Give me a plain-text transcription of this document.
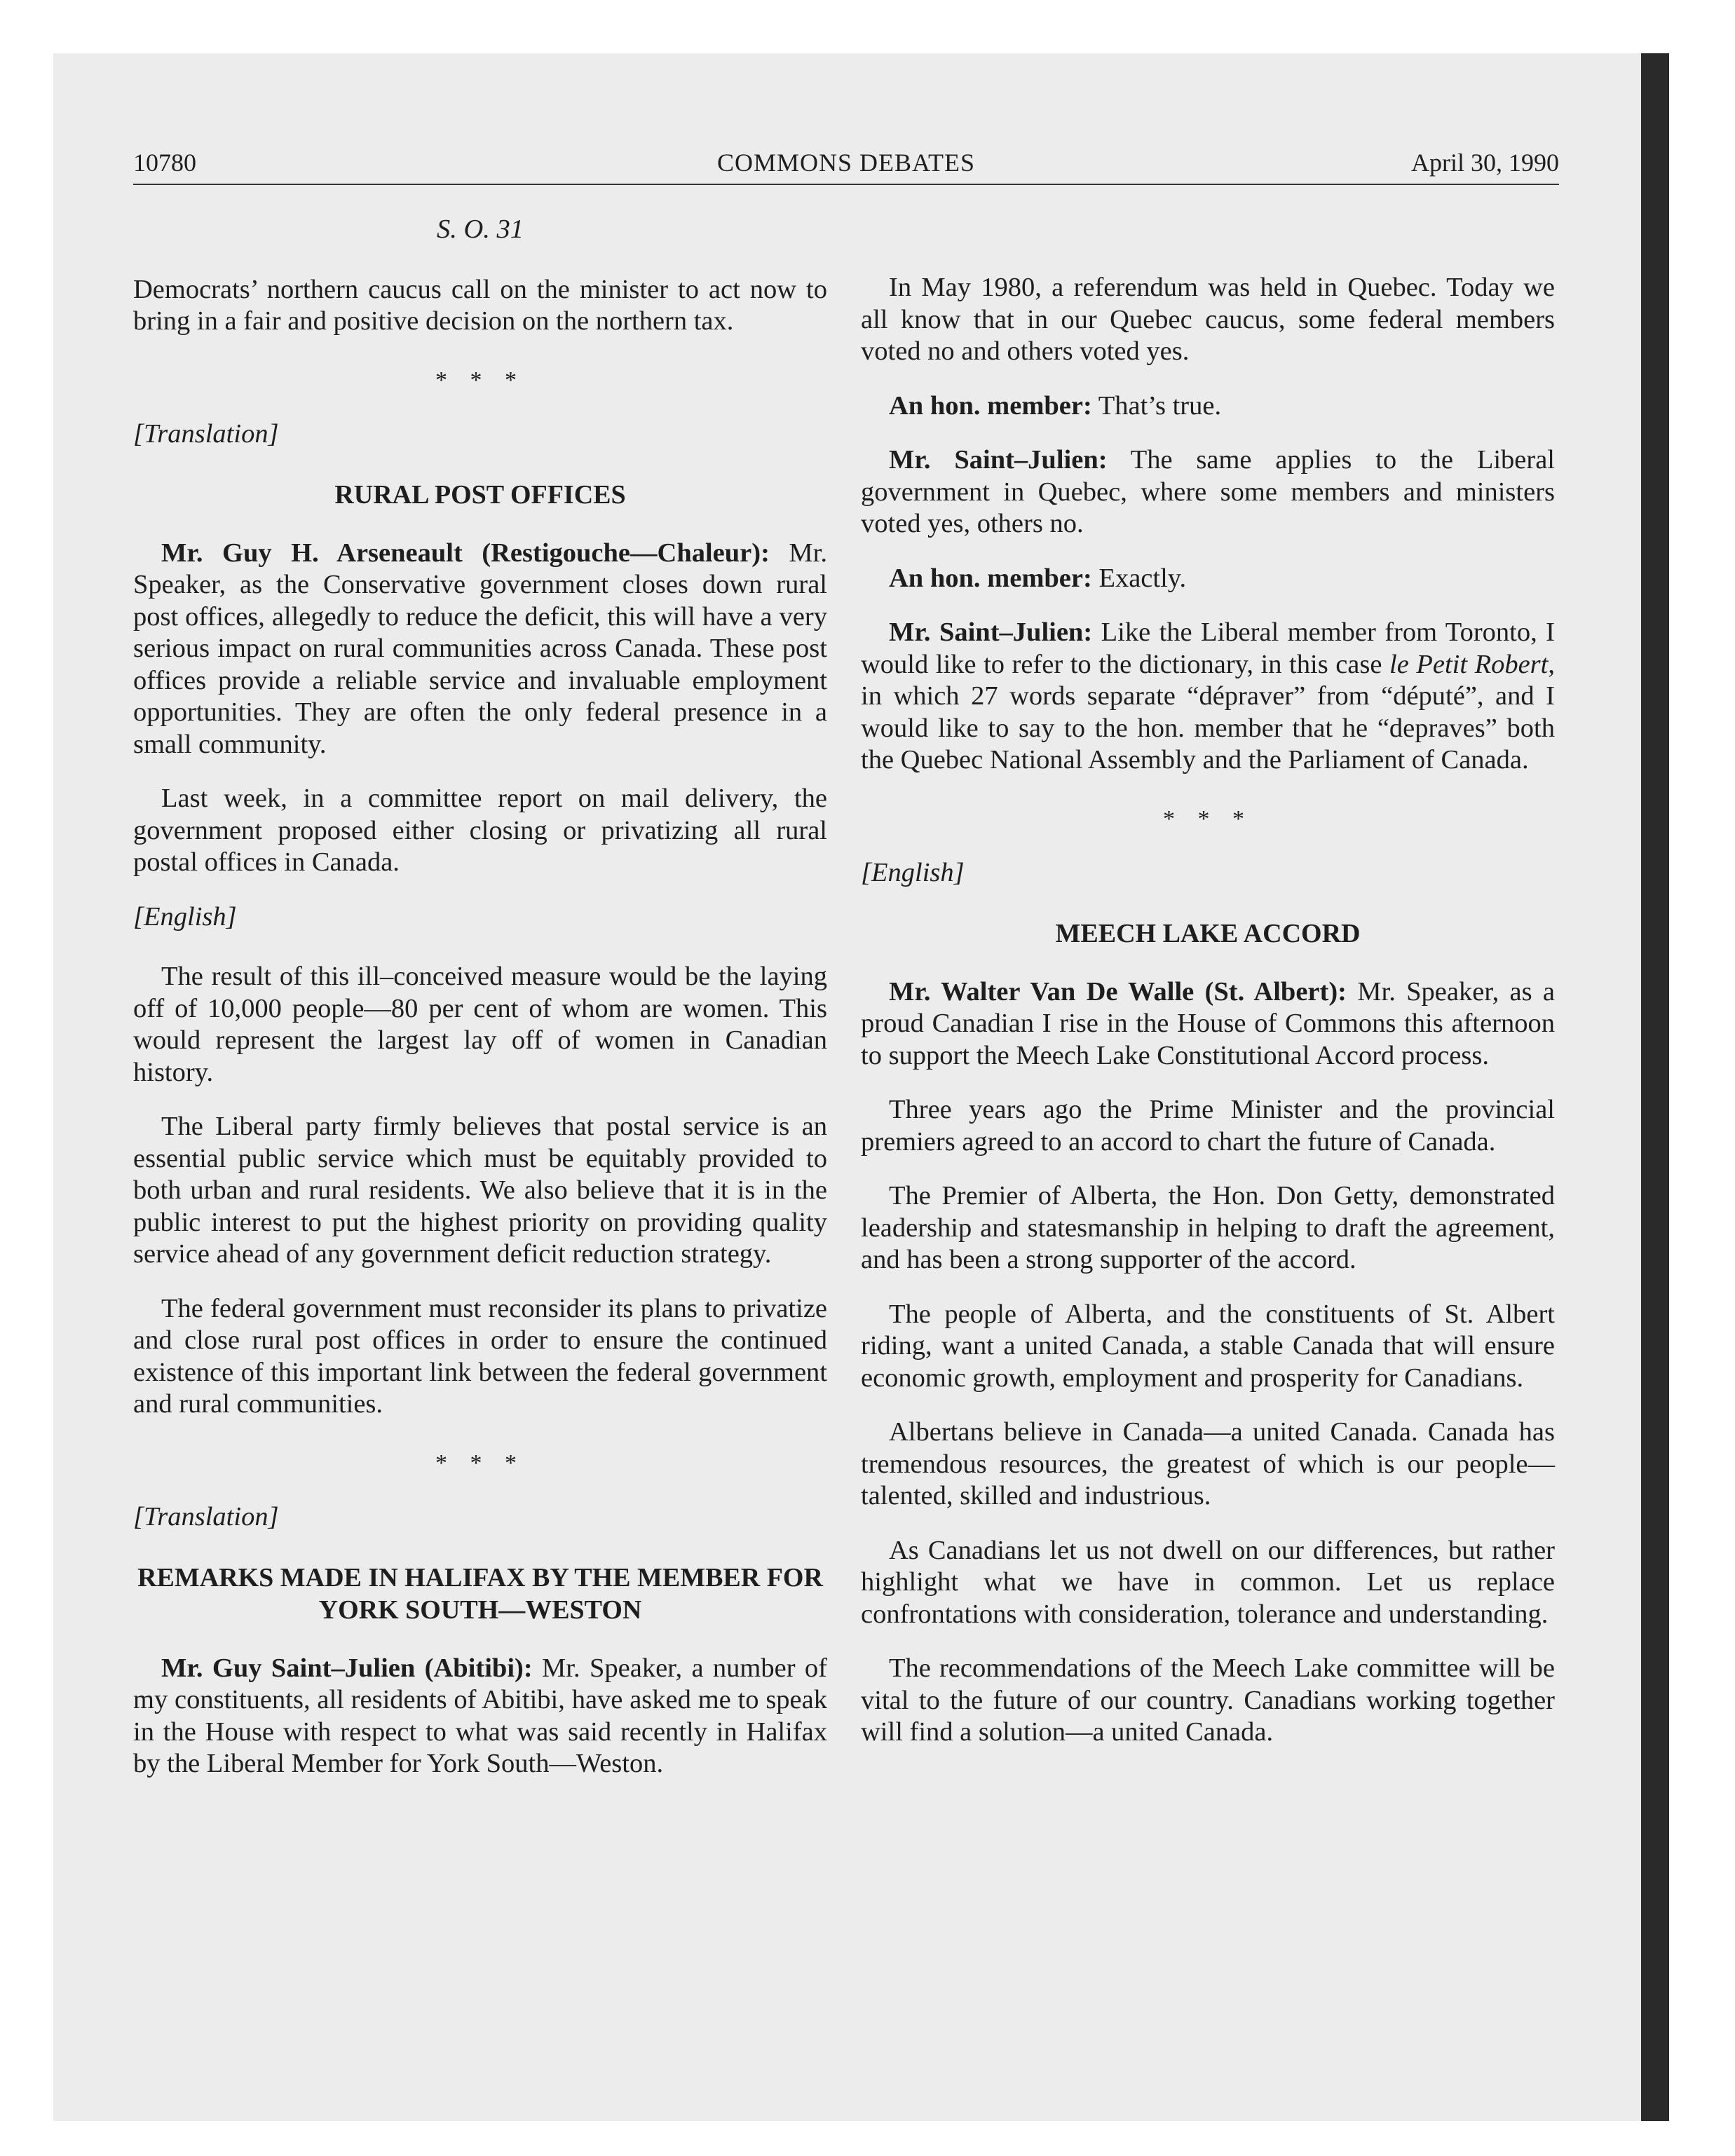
10780	COMMONS DEBATES	April 30, 1990
S. O. 31

Democrats’ northern caucus call on the minister to act now to bring in a fair and positive decision on the northern tax.

* * *
[Translation]
RURAL POST OFFICES

Mr. Guy H. Arseneault (Restigouche—Chaleur): Mr. Speaker, as the Conservative government closes down rural post offices, allegedly to reduce the deficit, this will have a very serious impact on rural communities across Canada. These post offices provide a reliable service and invaluable employment opportunities. They are often the only federal presence in a small community.

Last week, in a committee report on mail delivery, the government proposed either closing or privatizing all rural postal offices in Canada.

[English]

The result of this ill–conceived measure would be the laying off of 10,000 people—80 per cent of whom are women. This would represent the largest lay off of women in Canadian history.

The Liberal party firmly believes that postal service is an essential public service which must be equitably provided to both urban and rural residents. We also believe that it is in the public interest to put the highest priority on providing quality service ahead of any government deficit reduction strategy.

The federal government must reconsider its plans to privatize and close rural post offices in order to ensure the continued existence of this important link between the federal government and rural communities.

* * *
[Translation]
REMARKS MADE IN HALIFAX BY THE MEMBER FOR YORK SOUTH—WESTON

Mr. Guy Saint–Julien (Abitibi): Mr. Speaker, a number of my constituents, all residents of Abitibi, have asked me to speak in the House with respect to what was said recently in Halifax by the Liberal Member for York South—Weston.

In May 1980, a referendum was held in Quebec. Today we all know that in our Quebec caucus, some federal members voted no and others voted yes.

An hon. member: That’s true.

Mr. Saint–Julien: The same applies to the Liberal government in Quebec, where some members and ministers voted yes, others no.

An hon. member: Exactly.

Mr. Saint–Julien: Like the Liberal member from Toronto, I would like to refer to the dictionary, in this case le Petit Robert, in which 27 words separate “dépraver” from “député”, and I would like to say to the hon. member that he “depraves” both the Quebec National Assembly and the Parliament of Canada.

* * *
[English]
MEECH LAKE ACCORD

Mr. Walter Van De Walle (St. Albert): Mr. Speaker, as a proud Canadian I rise in the House of Commons this afternoon to support the Meech Lake Constitutional Accord process.

Three years ago the Prime Minister and the provincial premiers agreed to an accord to chart the future of Canada.

The Premier of Alberta, the Hon. Don Getty, demonstrated leadership and statesmanship in helping to draft the agreement, and has been a strong supporter of the accord.

The people of Alberta, and the constituents of St. Albert riding, want a united Canada, a stable Canada that will ensure economic growth, employment and prosperity for Canadians.

Albertans believe in Canada—a united Canada. Canada has tremendous resources, the greatest of which is our people—talented, skilled and industrious.

As Canadians let us not dwell on our differences, but rather highlight what we have in common. Let us replace confrontations with consideration, tolerance and understanding.

The recommendations of the Meech Lake committee will be vital to the future of our country. Canadians working together will find a solution—a united Canada.
